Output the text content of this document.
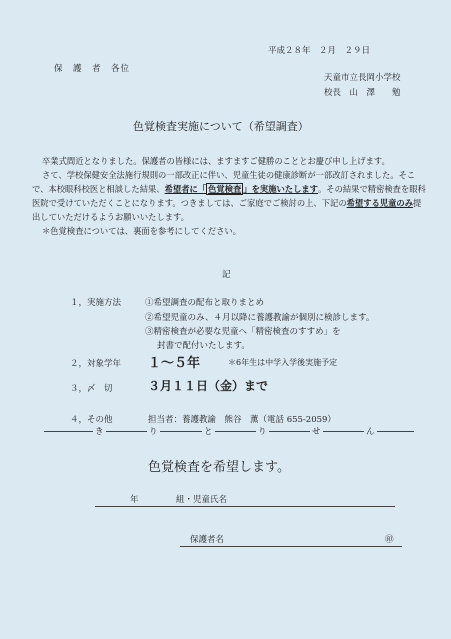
平成２８年　２月　２９日
保　護　者　各位
天童市立長岡小学校
校長　山　澤　　勉
色覚検査実施について（希望調査）

卒業式間近となりました。保護者の皆様には、ますますご健勝のこととお慶び申し上げます。

さて、学校保健安全法施行規則の一部改正に伴い、児童生徒の健康診断が一部改訂されました。そこで、本校眼科校医と相談した結果、希望者に「 色覚検査 」を実施いたします。その結果で精密検査を眼科医院で受けていただくことになります。つきましては、ご家庭でご検討の上、下記の希望する児童のみ提出していただけるようお願いいたします。

＊色覚検査については、裏面を参考にしてください。

記
１，実施方法	①希望調査の配布と取りまとめ
②希望児童のみ、４月以降に養護教諭が個別に検診します。
③精密検査が必要な児童へ「精密検査のすすめ」を
封書で配付いたします。
２，対象学年 １～５年	＊6年生は中学入学後実施予定
３，〆　切	３月１１日（金）まで
４，その他	担当者：養護教諭　熊谷　薫（電話 655-2059）
き	り	と	り	せ	ん
色覚検査を希望します。
年	組・児童氏名
保護者名	㊞
